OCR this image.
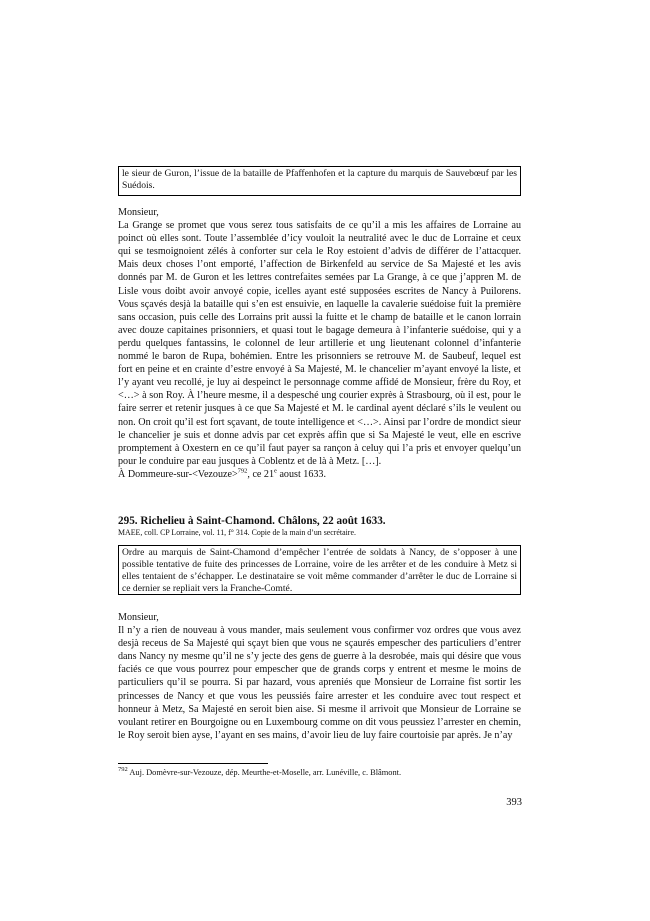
le sieur de Guron, l’issue de la bataille de Pfaffenhofen et la capture du marquis de Sauvebœuf par les Suédois.

Monsieur,

La Grange se promet que vous serez tous satisfaits de ce qu’il a mis les affaires de Lorraine au poinct où elles sont. Toute l’assemblée d’icy vouloit la neutralité avec le duc de Lorraine et ceux qui se tesmoignoient zélés à conforter sur cela le Roy estoient d’advis de différer de l’attacquer. Mais deux choses l’ont emporté, l’affection de Birkenfeld au service de Sa Majesté et les avis donnés par M. de Guron et les lettres contrefaites semées par La Grange, à ce que j’appren M. de Lisle vous doibt avoir anvoyé copie, icelles ayant esté supposées escrites de Nancy à Puilorens. Vous sçavés desjà la bataille qui s’en est ensuivie, en laquelle la cavalerie suédoise fuit la première sans occasion, puis celle des Lorrains prit aussi la fuitte et le champ de bataille et le canon lorrain avec douze capitaines prisonniers, et quasi tout le bagage demeura à l’infanterie suédoise, qui y a perdu quelques fantassins, le colonnel de leur artillerie et ung lieutenant colonnel d’infanterie nommé le baron de Rupa, bohémien. Entre les prisonniers se retrouve M. de Saubeuf, lequel est fort en peine et en crainte d’estre envoyé à Sa Majesté, M. le chancelier m’ayant envoyé la liste, et l’y ayant veu recollé, je luy ai despeinct le personnage comme affidé de Monsieur, frère du Roy, et <…> à son Roy. À l’heure mesme, il a despesché ung courier exprès à Strasbourg, où il est, pour le faire serrer et retenir jusques à ce que Sa Majesté et M. le cardinal ayent déclaré s’ils le veulent ou non. On croit qu’il est fort sçavant, de toute intelligence et <…>. Ainsi par l’ordre de mondict sieur le chancelier je suis et donne advis par cet exprès affin que si Sa Majesté le veut, elle en escrive promptement à Oxestern en ce qu’il faut payer sa rançon à celuy qui l’a pris et envoyer quelqu’un pour le conduire par eau jusques à Coblentz et de là à Metz. […].

À Dommeure-sur-<Vezouze>$^{792}$, ce 21e aoust 1633.

295. Richelieu à Saint-Chamond. Châlons, 22 août 1633.
MAEE, coll. CP Lorraine, vol. 11, f° 314. Copie de la main d’un secrétaire.
Ordre au marquis de Saint-Chamond d’empêcher l’entrée de soldats à Nancy, de s’opposer à une possible tentative de fuite des princesses de Lorraine, voire de les arrêter et de les conduire à Metz si elles tentaient de s’échapper. Le destinataire se voit même commander d’arrêter le duc de Lorraine si ce dernier se repliait vers la Franche-Comté.

Monsieur,

Il n’y a rien de nouveau à vous mander, mais seulement vous confirmer voz ordres que vous avez desjà receus de Sa Majesté qui sçayt bien que vous ne sçaurés empescher des particuliers d’entrer dans Nancy ny mesme qu’il ne s’y jecte des gens de guerre à la desrobée, mais qui désire que vous faciés ce que vous pourrez pour empescher que de grands corps y entrent et mesme le moins de particuliers qu’il se pourra. Si par hazard, vous apreniés que Monsieur de Lorraine fist sortir les princesses de Nancy et que vous les peussiés faire arrester et les conduire avec tout respect et honneur à Metz, Sa Majesté en seroit bien aise. Si mesme il arrivoit que Monsieur de Lorraine se voulant retirer en Bourgoigne ou en Luxembourg comme on dit vous peussiez l’arrester en chemin, le Roy seroit bien ayse, l’ayant en ses mains, d’avoir lieu de luy faire courtoisie par après. Je n’ay

$^{792}$ Auj. Domèvre-sur-Vezouze, dép. Meurthe-et-Moselle, arr. Lunéville, c. Blâmont.
393
